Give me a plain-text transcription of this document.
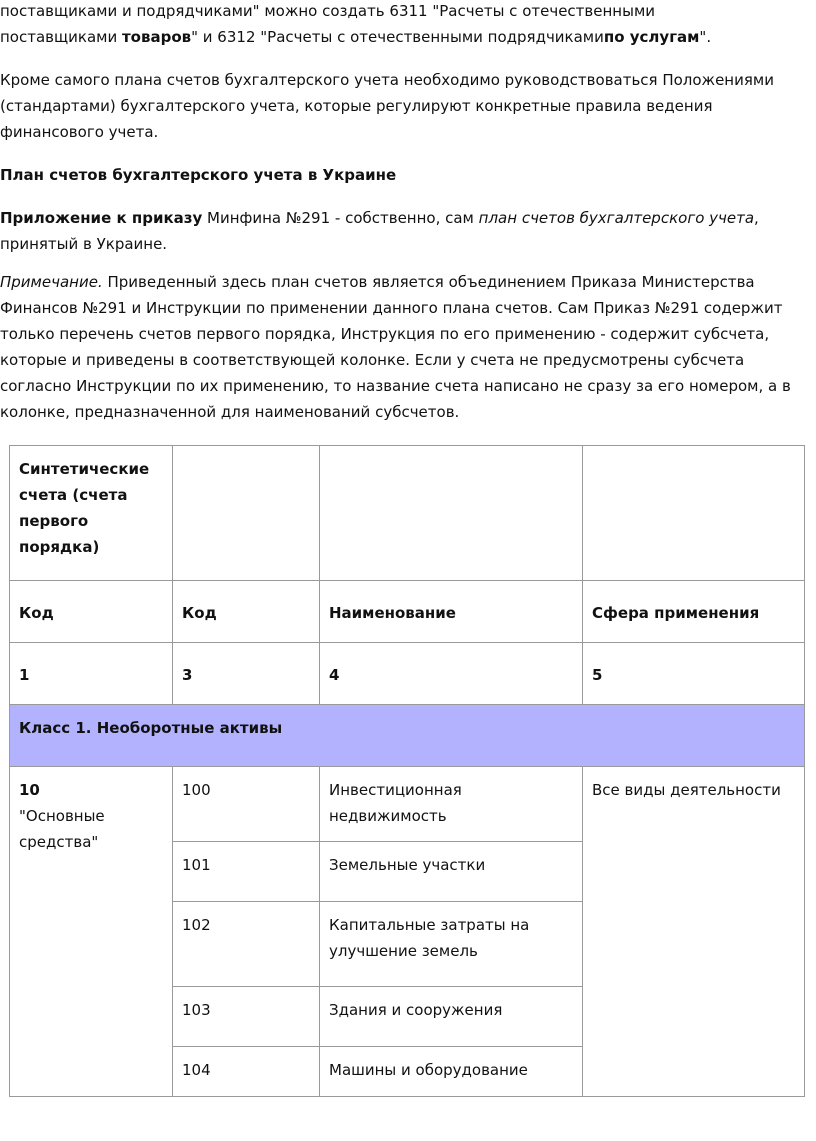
поставщиками и подрядчиками" можно создать 6311 "Расчеты с отечественными
поставщиками товаров" и 6312 "Расчеты с отечественными подрядчикамипо услугам".

Кроме самого плана счетов бухгалтерского учета необходимо руководствоваться Положениями (стандартами) бухгалтерского учета, которые регулируют конкретные правила ведения финансового учета.

План счетов бухгалтерского учета в Украине

Приложение к приказу Минфина №291 - собственно, сам план счетов бухгалтерского учета, принятый в Украине.

Примечание. Приведенный здесь план счетов является объединением Приказа Министерства Финансов №291 и Инструкции по применении данного плана счетов. Сам Приказ №291 содержит только перечень счетов первого порядка, Инструкция по его применению - содержит субсчета, которые и приведены в соответствующей колонке. Если у счета не предусмотрены субсчета согласно Инструкции по их применению, то название счета написано не сразу за его номером, а в колонке, предназначенной для наименований субсчетов.

Синтетические счета (счета первого порядка)			
Код	Код	Наименование	Сфера применения
1	3	4	5
Класс 1. Необоротные активы			

10
"Основные средства"	100	Инвестиционная недвижимость	Все виды деятельности
	101	Земельные участки	
	102	Капитальные затраты на улучшение земель	
	103	Здания и сооружения	
	104	Машины и оборудование	
